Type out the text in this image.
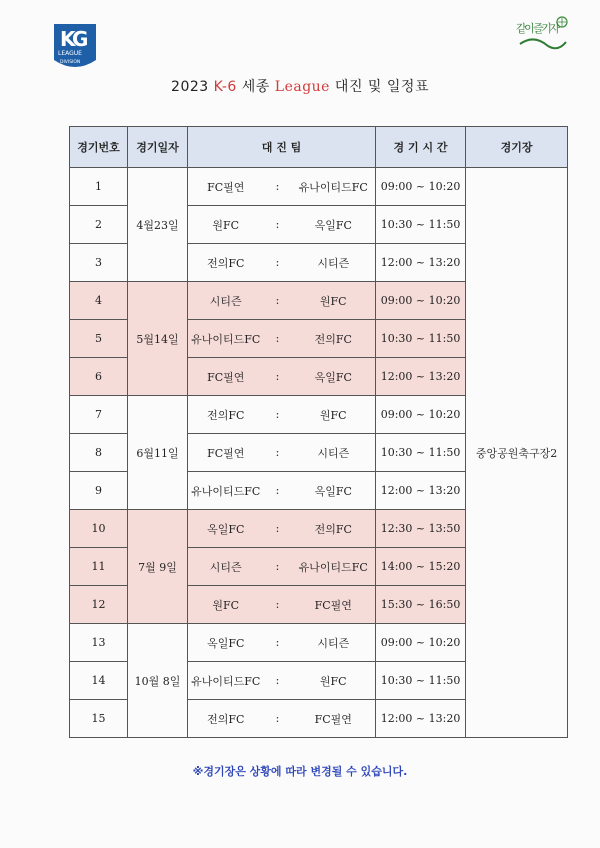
K
G
LEAGUE
DIVISION
같이 즐기자
2023 K-6 세종 League 대진 및 일정표
경기번호	경기일자	대 진 팀			경 기 시 간	경기장
1	4월23일	FC필연	:	유나이티드FC	09:00 ~ 10:20	중앙공원축구장2
2		원FC	:	옥일FC	10:30 ~ 11:50	
3		전의FC	:	시티즌	12:00 ~ 13:20	
4	5월14일	시티즌	:	원FC	09:00 ~ 10:20	
5		유나이티드FC	:	전의FC	10:30 ~ 11:50	
6		FC필연	:	옥일FC	12:00 ~ 13:20	
7	6월11일	전의FC	:	원FC	09:00 ~ 10:20	
8		FC필연	:	시티즌	10:30 ~ 11:50	
9		유나이티드FC	:	옥일FC	12:00 ~ 13:20	
10	7월 9일	옥일FC	:	전의FC	12:30 ~ 13:50	
11		시티즌	:	유나이티드FC	14:00 ~ 15:20	
12		원FC	:	FC필연	15:30 ~ 16:50	
13	10월 8일	옥일FC	:	시티즌	09:00 ~ 10:20	
14		유나이티드FC	:	원FC	10:30 ~ 11:50	
15		전의FC	:	FC필연	12:00 ~ 13:20	
※경기장은 상황에 따라 변경될 수 있습니다.
